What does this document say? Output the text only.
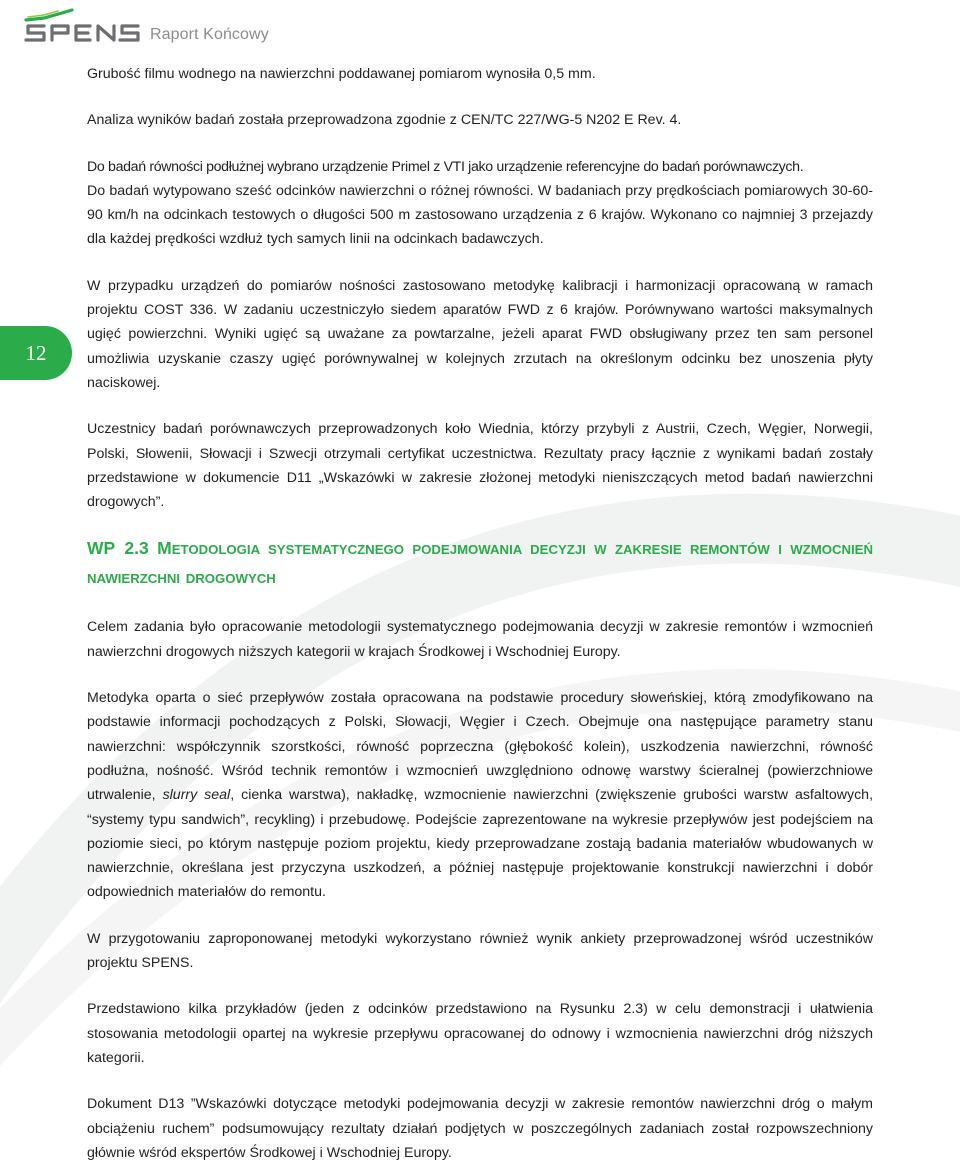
Raport Końcowy
12

Grubość filmu wodnego na nawierzchni poddawanej pomiarom wynosiła 0,5 mm.

Analiza wyników badań została przeprowadzona zgodnie z CEN/TC 227/WG-5 N202 E Rev. 4.

Do badań równości podłużnej wybrano urządzenie Primel z VTI jako urządzenie referencyjne do badań porównawczych.

Do badań wytypowano sześć odcinków nawierzchni o różnej równości. W badaniach przy prędkościach pomiarowych 30-60-90 km/h na odcinkach testowych o długości 500 m zastosowano urządzenia z 6 krajów. Wykonano co najmniej 3 przejazdy dla każdej prędkości wzdłuż tych samych linii na odcinkach badawczych.

W przypadku urządzeń do pomiarów nośności zastosowano metodykę kalibracji i harmonizacji opracowaną w ramach projektu COST 336. W zadaniu uczestniczyło siedem aparatów FWD z 6 krajów. Porównywano wartości maksymalnych ugięć powierzchni. Wyniki ugięć są uważane za powtarzalne, jeżeli aparat FWD obsługiwany przez ten sam personel umożliwia uzyskanie czaszy ugięć porównywalnej w kolejnych zrzutach na określonym odcinku bez unoszenia płyty naciskowej.

Uczestnicy badań porównawczych przeprowadzonych koło Wiednia, którzy przybyli z Austrii, Czech, Węgier, Norwegii, Polski, Słowenii, Słowacji i Szwecji otrzymali certyfikat uczestnictwa. Rezultaty pracy łącznie z wynikami badań zostały przedstawione w dokumencie D11 „Wskazówki w zakresie złożonej metodyki nieniszczących metod badań nawierzchni drogowych”.

WP 2.3 METODOLOGIA SYSTEMATYCZNEGO PODEJMOWANIA DECYZJI W ZAKRESIE REMONTÓW I WZMOCNIEŃ
NAWIERZCHNI DROGOWYCH

Celem zadania było opracowanie metodologii systematycznego podejmowania decyzji w zakresie remontów i wzmocnień nawierzchni drogowych niższych kategorii w krajach Środkowej i Wschodniej Europy.

Metodyka oparta o sieć przepływów została opracowana na podstawie procedury słoweńskiej, którą zmodyfikowano na podstawie informacji pochodzących z Polski, Słowacji, Węgier i Czech. Obejmuje ona następujące parametry stanu nawierzchni: współczynnik szorstkości, równość poprzeczna (głębokość kolein), uszkodzenia nawierzchni, równość podłużna, nośność. Wśród technik remontów i wzmocnień uwzględniono odnowę warstwy ścieralnej (powierzchniowe utrwalenie, slurry seal, cienka warstwa), nakładkę, wzmocnienie nawierzchni (zwiększenie grubości warstw asfaltowych, “systemy typu sandwich”, recykling) i przebudowę. Podejście zaprezentowane na wykresie przepływów jest podejściem na poziomie sieci, po którym następuje poziom projektu, kiedy przeprowadzane zostają badania materiałów wbudowanych w nawierzchnie, określana jest przyczyna uszkodzeń, a później następuje projektowanie konstrukcji nawierzchni i dobór odpowiednich materiałów do remontu.

W przygotowaniu zaproponowanej metodyki wykorzystano również wynik ankiety przeprowadzonej wśród uczestników projektu SPENS.

Przedstawiono kilka przykładów (jeden z odcinków przedstawiono na Rysunku 2.3) w celu demonstracji i ułatwienia stosowania metodologii opartej na wykresie przepływu opracowanej do odnowy i wzmocnienia nawierzchni dróg niższych kategorii.

Dokument D13 ”Wskazówki dotyczące metodyki podejmowania decyzji w zakresie remontów nawierzchni dróg o małym obciążeniu ruchem” podsumowujący rezultaty działań podjętych w poszczególnych zadaniach został rozpowszechniony głównie wśród ekspertów Środkowej i Wschodniej Europy.
